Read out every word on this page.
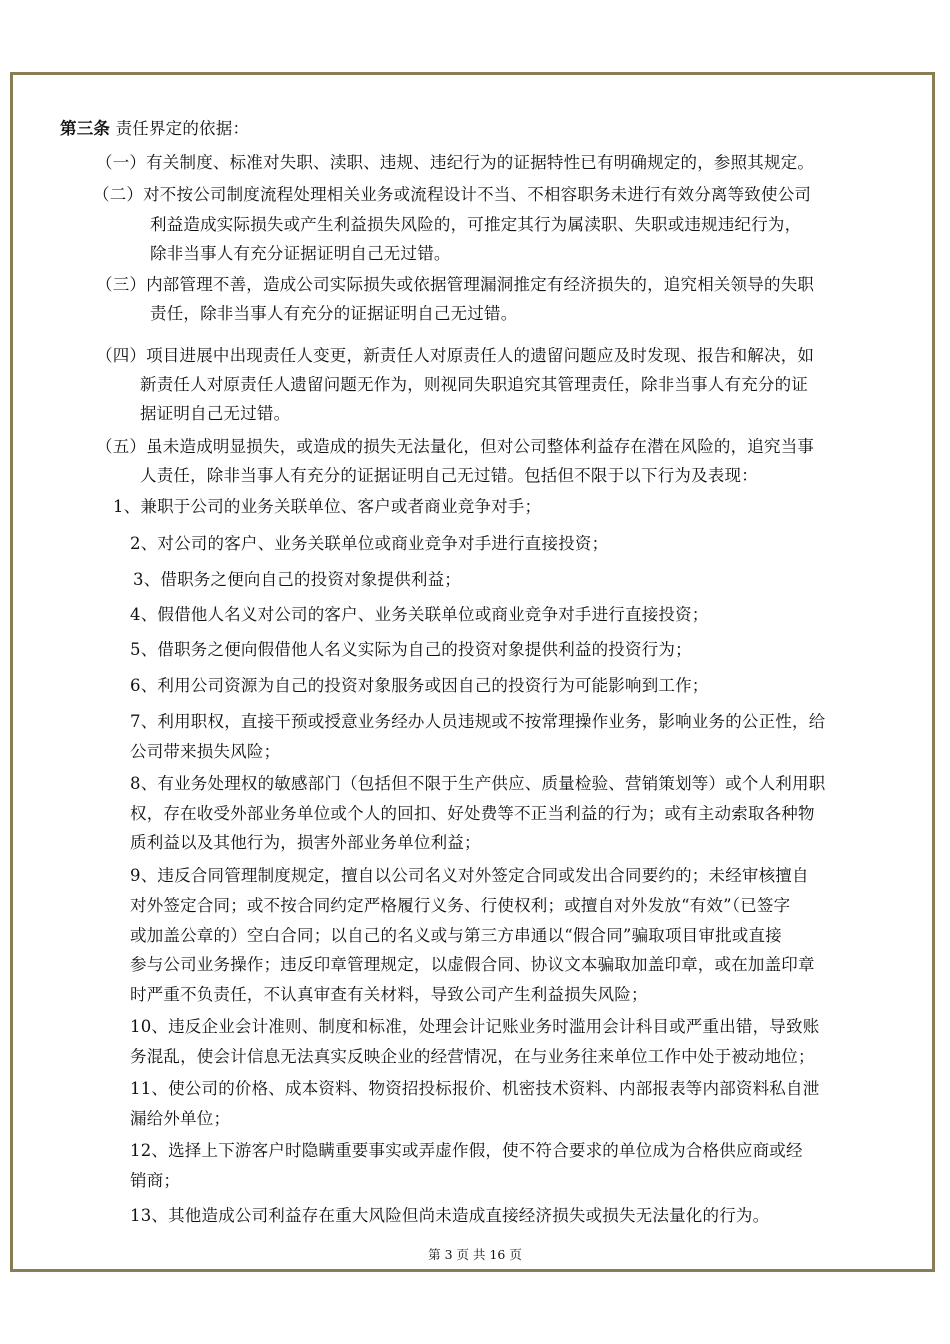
第三条 责任界定的依据：
（一）有关制度、标准对失职、渎职、违规、违纪行为的证据特性已有明确规定的，参照其规定。
（二）对不按公司制度流程处理相关业务或流程设计不当、不相容职务未进行有效分离等致使公司
利益造成实际损失或产生利益损失风险的，可推定其行为属渎职、失职或违规违纪行为，
除非当事人有充分证据证明自己无过错。
（三）内部管理不善，造成公司实际损失或依据管理漏洞推定有经济损失的，追究相关领导的失职
责任，除非当事人有充分的证据证明自己无过错。
（四）项目进展中出现责任人变更，新责任人对原责任人的遗留问题应及时发现、报告和解决，如
新责任人对原责任人遗留问题无作为，则视同失职追究其管理责任，除非当事人有充分的证
据证明自己无过错。
（五）虽未造成明显损失，或造成的损失无法量化，但对公司整体利益存在潜在风险的，追究当事
人责任，除非当事人有充分的证据证明自己无过错。包括但不限于以下行为及表现：
1、兼职于公司的业务关联单位、客户或者商业竞争对手；
2、对公司的客户、业务关联单位或商业竞争对手进行直接投资；
3、借职务之便向自己的投资对象提供利益；
4、假借他人名义对公司的客户、业务关联单位或商业竞争对手进行直接投资；
5、借职务之便向假借他人名义实际为自己的投资对象提供利益的投资行为；
6、利用公司资源为自己的投资对象服务或因自己的投资行为可能影响到工作；
7、利用职权，直接干预或授意业务经办人员违规或不按常理操作业务，影响业务的公正性，给
公司带来损失风险；
8、有业务处理权的敏感部门（包括但不限于生产供应、质量检验、营销策划等）或个人利用职
权，存在收受外部业务单位或个人的回扣、好处费等不正当利益的行为；或有主动索取各种物
质利益以及其他行为，损害外部业务单位利益；
9、违反合同管理制度规定，擅自以公司名义对外签定合同或发出合同要约的；未经审核擅自
对外签定合同；或不按合同约定严格履行义务、行使权利；或擅自对外发放“有效”（已签字
或加盖公章的）空白合同；以自己的名义或与第三方串通以“假合同”骗取项目审批或直接
参与公司业务操作；违反印章管理规定，以虚假合同、协议文本骗取加盖印章，或在加盖印章
时严重不负责任，不认真审查有关材料，导致公司产生利益损失风险；
10、违反企业会计准则、制度和标准，处理会计记账业务时滥用会计科目或严重出错，导致账
务混乱，使会计信息无法真实反映企业的经营情况，在与业务往来单位工作中处于被动地位；
11、使公司的价格、成本资料、物资招投标报价、机密技术资料、内部报表等内部资料私自泄
漏给外单位；
12、选择上下游客户时隐瞒重要事实或弄虚作假，使不符合要求的单位成为合格供应商或经
销商；
13、其他造成公司利益存在重大风险但尚未造成直接经济损失或损失无法量化的行为。
第 3 页 共 16 页
